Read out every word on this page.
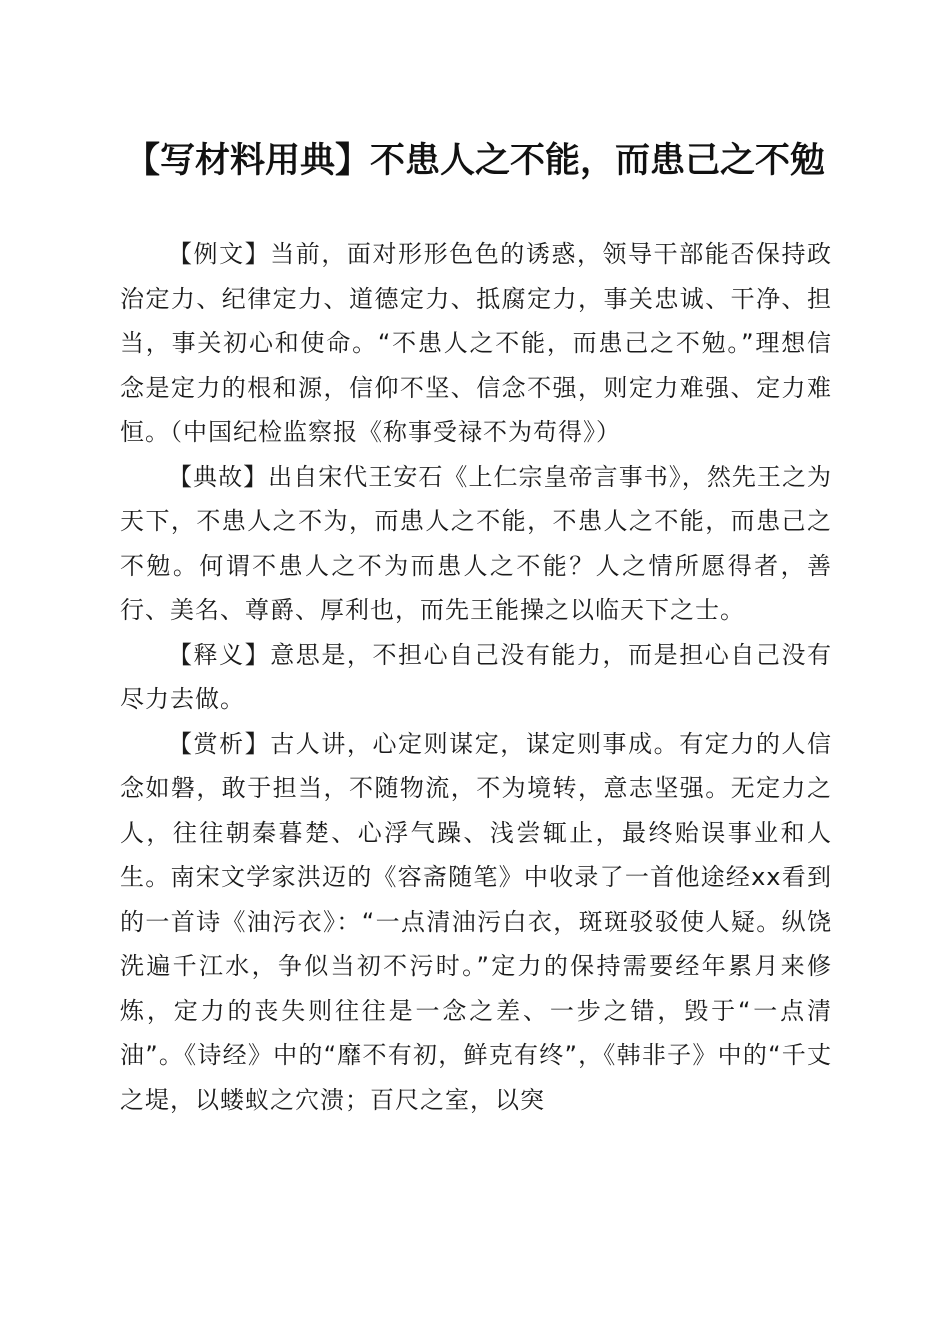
【写材料用典】不患人之不能，而患己之不勉

【例文】当前，面对形形色色的诱惑，领导干部能否保持政治定力、纪律定力、道德定力、抵腐定力，事关忠诚、干净、担当，事关初心和使命。“不患人之不能，而患己之不勉。”理想信念是定力的根和源，信仰不坚、信念不强，则定力难强、定力难恒。（中国纪检监察报《称事受禄不为苟得》）

【典故】出自宋代王安石《上仁宗皇帝言事书》，然先王之为天下，不患人之不为，而患人之不能，不患人之不能，而患己之不勉。何谓不患人之不为而患人之不能？人之情所愿得者，善行、美名、尊爵、厚利也，而先王能操之以临天下之士。

【释义】意思是，不担心自己没有能力，而是担心自己没有尽力去做。

【赏析】古人讲，心定则谋定，谋定则事成。有定力的人信念如磐，敢于担当，不随物流，不为境转，意志坚强。无定力之人，往往朝秦暮楚、心浮气躁、浅尝辄止，最终贻误事业和人生。南宋文学家洪迈的《容斋随笔》中收录了一首他途经xx看到的一首诗《油污衣》：“一点清油污白衣，斑斑驳驳使人疑。纵饶洗遍千江水，争似当初不污时。”定力的保持需要经年累月来修炼，定力的丧失则往往是一念之差、一步之错，毁于“一点清油”。《诗经》中的“靡不有初，鲜克有终”，《韩非子》中的“千丈之堤，以蝼蚁之穴溃；百尺之室，以突
